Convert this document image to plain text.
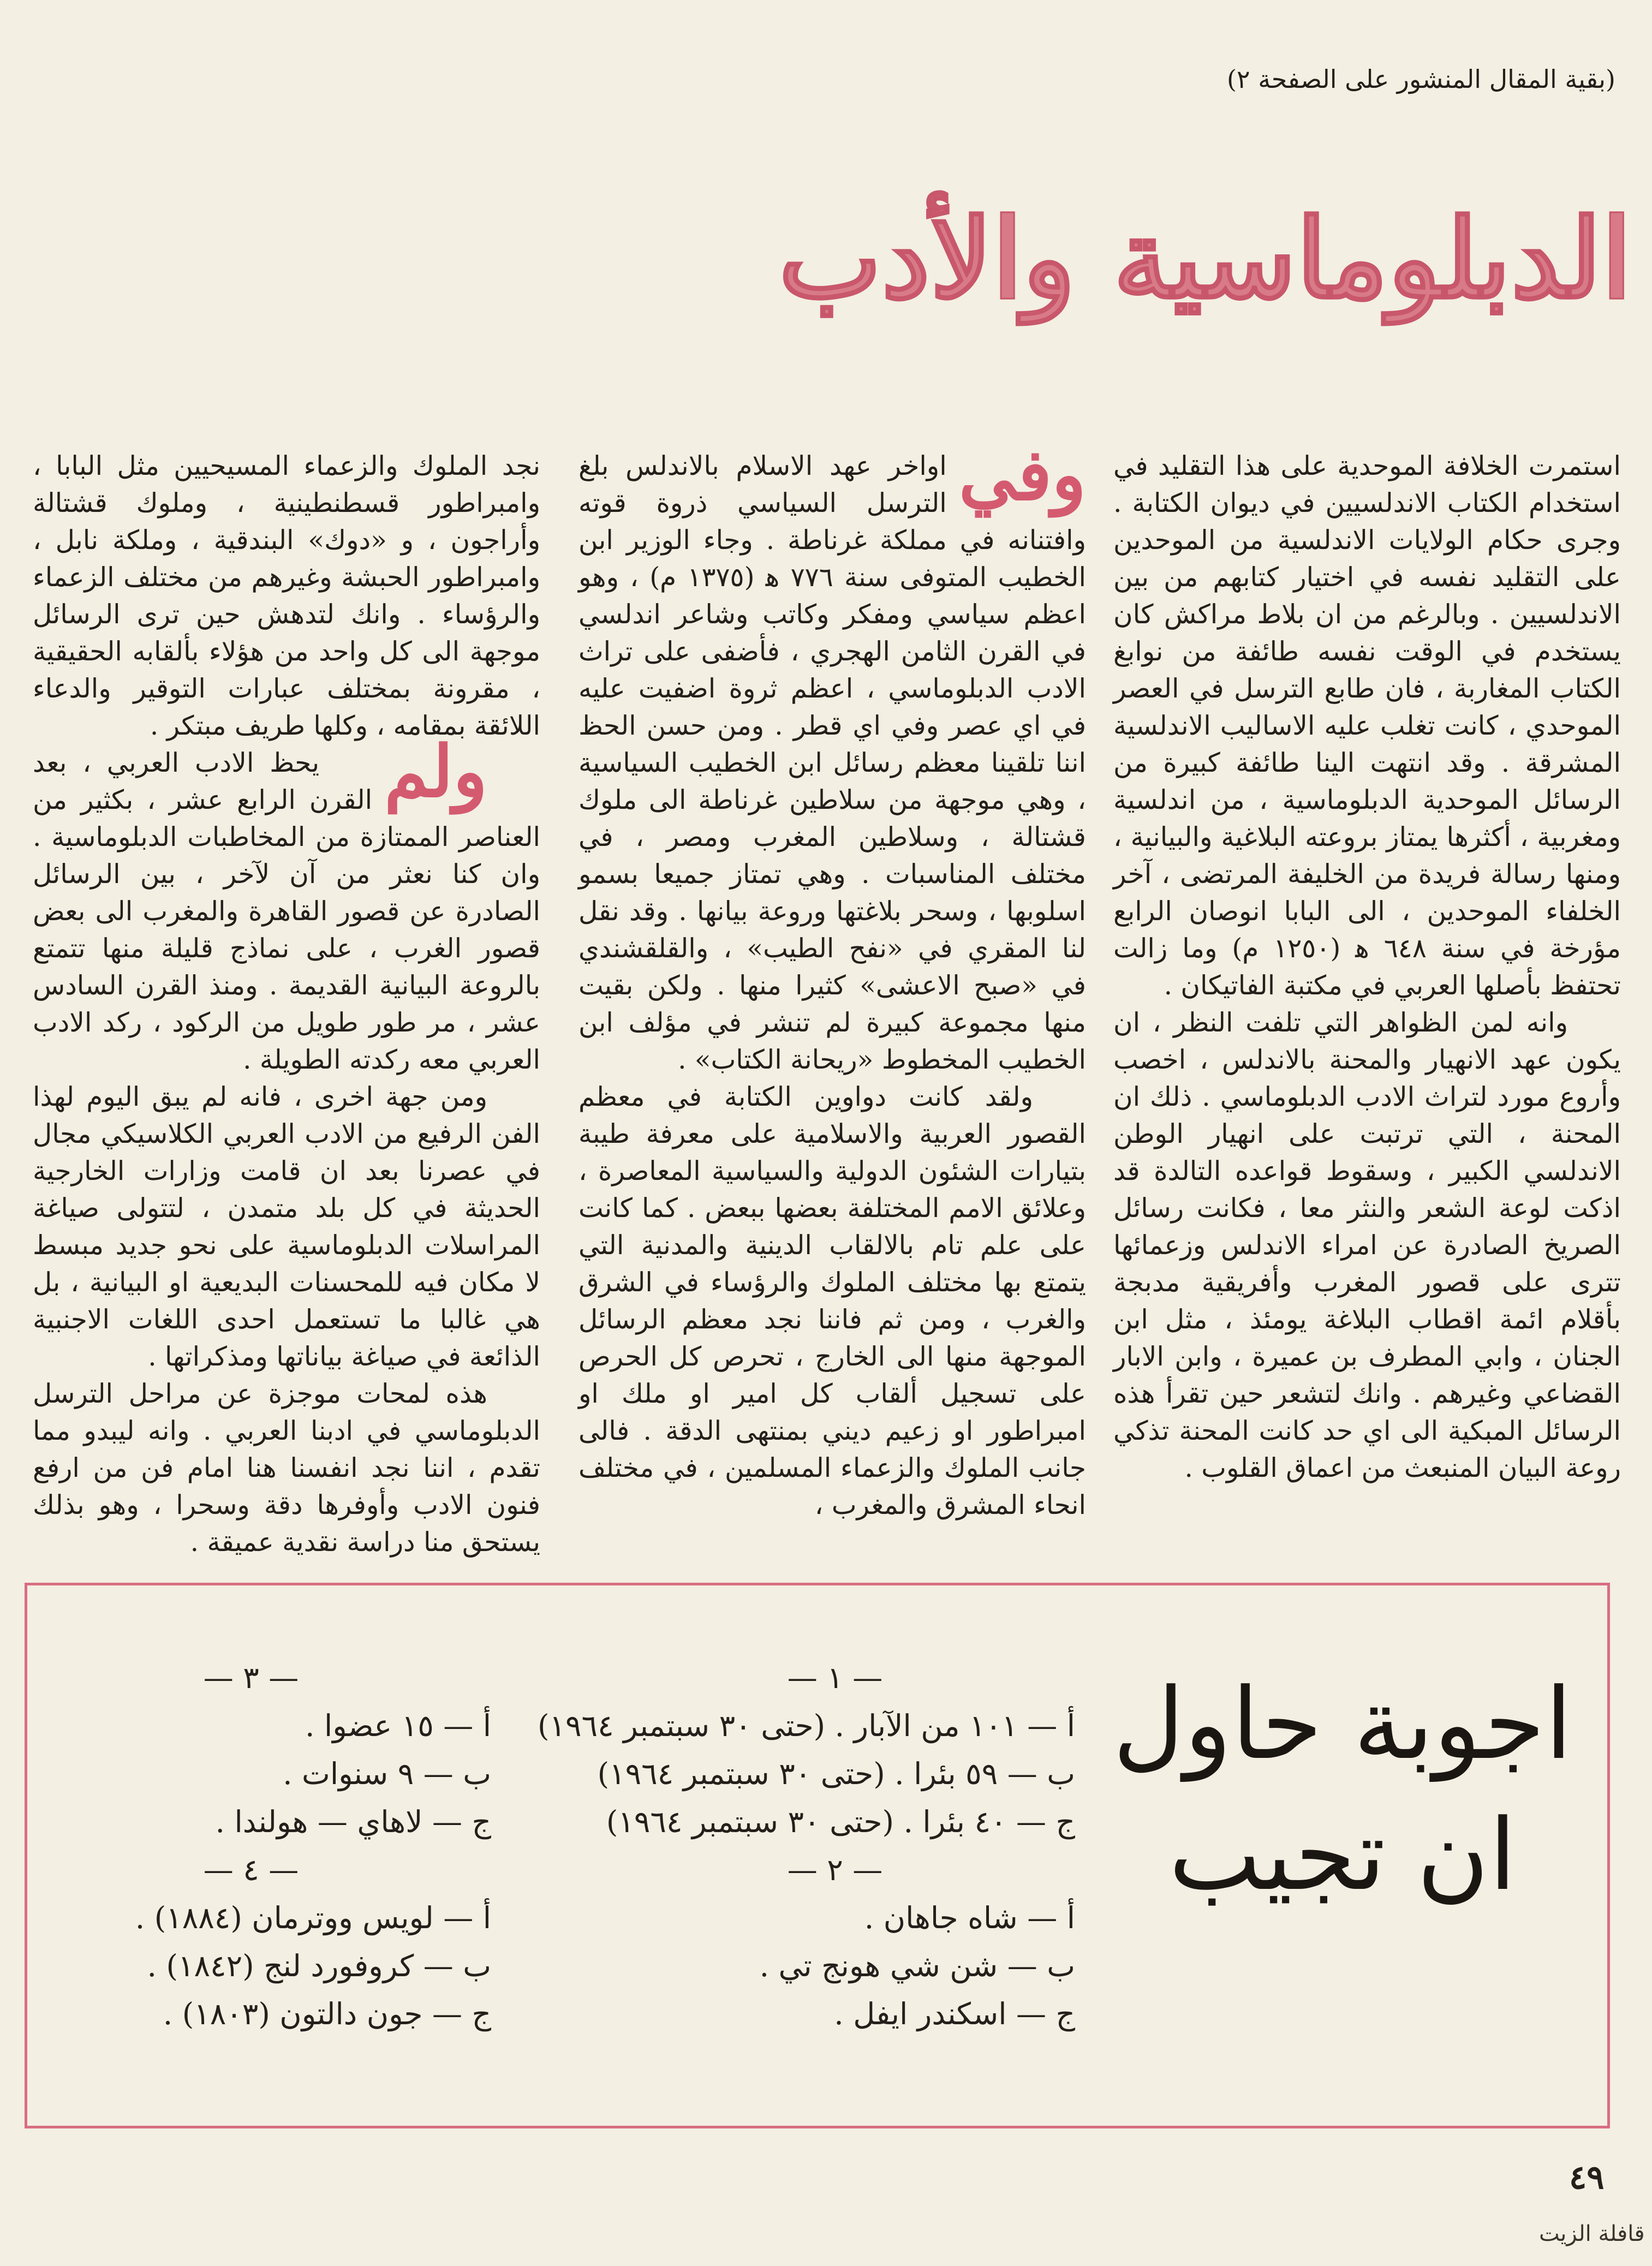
(بقية المقال المنشور على الصفحة ٢)
الدبلوماسية والأدب

استمرت الخلافة الموحدية على هذا التقليد في استخدام الكتاب الاندلسيين في ديوان الكتابة . وجرى حكام الولايات الاندلسية من الموحدين على التقليد نفسه في اختيار كتابهم من بين الاندلسيين . وبالرغم من ان بلاط مراكش كان يستخدم في الوقت نفسه طائفة من نوابغ الكتاب المغاربة ، فان طابع الترسل في العصر الموحدي ، كانت تغلب عليه الاساليب الاندلسية المشرقة . وقد انتهت الينا طائفة كبيرة من الرسائل الموحدية الدبلوماسية ، من اندلسية ومغربية ، أكثرها يمتاز بروعته البلاغية والبيانية ، ومنها رسالة فريدة من الخليفة المرتضى ، آخر الخلفاء الموحدين ، الى البابا انوصان الرابع مؤرخة في سنة ٦٤٨ ﻫ (١٢٥٠ م) وما زالت تحتفظ بأصلها العربي في مكتبة الفاتيكان .

وانه لمن الظواهر التي تلفت النظر ، ان يكون عهد الانهيار والمحنة بالاندلس ، اخصب وأروع مورد لتراث الادب الدبلوماسي . ذلك ان المحنة ، التي ترتبت على انهيار الوطن الاندلسي الكبير ، وسقوط قواعده التالدة قد اذكت لوعة الشعر والنثر معا ، فكانت رسائل الصريخ الصادرة عن امراء الاندلس وزعمائها تترى على قصور المغرب وأفريقية مدبجة بأقلام ائمة اقطاب البلاغة يومئذ ، مثل ابن الجنان ، وابي المطرف بن عميرة ، وابن الابار القضاعي وغيرهم . وانك لتشعر حين تقرأ هذه الرسائل المبكية الى اي حد كانت المحنة تذكي روعة البيان المنبعث من اعماق القلوب .

وفي
اواخر عهد الاسلام بالاندلس بلغ الترسل السياسي ذروة قوته وافتنانه في مملكة غرناطة . وجاء الوزير ابن الخطيب المتوفى سنة ٧٧٦ ﻫ (١٣٧٥ م) ، وهو اعظم سياسي ومفكر وكاتب وشاعر اندلسي في القرن الثامن الهجري ، فأضفى على تراث الادب الدبلوماسي ، اعظم ثروة اضفيت عليه في اي عصر وفي اي قطر . ومن حسن الحظ اننا تلقينا معظم رسائل ابن الخطيب السياسية ، وهي موجهة من سلاطين غرناطة الى ملوك قشتالة ، وسلاطين المغرب ومصر ، في مختلف المناسبات . وهي تمتاز جميعا بسمو اسلوبها ، وسحر بلاغتها وروعة بيانها . وقد نقل لنا المقري في «نفح الطيب» ، والقلقشندي في «صبح الاعشى» كثيرا منها . ولكن بقيت منها مجموعة كبيرة لم تنشر في مؤلف ابن الخطيب المخطوط «ريحانة الكتاب» .

ولقد كانت دواوين الكتابة في معظم القصور العربية والاسلامية على معرفة طيبة بتيارات الشئون الدولية والسياسية المعاصرة ، وعلائق الامم المختلفة بعضها ببعض . كما كانت على علم تام بالالقاب الدينية والمدنية التي يتمتع بها مختلف الملوك والرؤساء في الشرق والغرب ، ومن ثم فاننا نجد معظم الرسائل الموجهة منها الى الخارج ، تحرص كل الحرص على تسجيل ألقاب كل امير او ملك او امبراطور او زعيم ديني بمنتهى الدقة . فالى جانب الملوك والزعماء المسلمين ، في مختلف انحاء المشرق والمغرب ،

نجد الملوك والزعماء المسيحيين مثل البابا ، وامبراطور قسطنطينية ، وملوك قشتالة وأراجون ، و «دوك» البندقية ، وملكة نابل ، وامبراطور الحبشة وغيرهم من مختلف الزعماء والرؤساء . وانك لتدهش حين ترى الرسائل موجهة الى كل واحد من هؤلاء بألقابه الحقيقية ، مقرونة بمختلف عبارات التوقير والدعاء اللائقة بمقامه ، وكلها طريف مبتكر .

ولم
يحظ الادب العربي ، بعد القرن الرابع عشر ، بكثير من العناصر الممتازة من المخاطبات الدبلوماسية . وان كنا نعثر من آن لآخر ، بين الرسائل الصادرة عن قصور القاهرة والمغرب الى بعض قصور الغرب ، على نماذج قليلة منها تتمتع بالروعة البيانية القديمة . ومنذ القرن السادس عشر ، مر طور طويل من الركود ، ركد الادب العربي معه ركدته الطويلة .

ومن جهة اخرى ، فانه لم يبق اليوم لهذا الفن الرفيع من الادب العربي الكلاسيكي مجال في عصرنا بعد ان قامت وزارات الخارجية الحديثة في كل بلد متمدن ، لتتولى صياغة المراسلات الدبلوماسية على نحو جديد مبسط لا مكان فيه للمحسنات البديعية او البيانية ، بل هي غالبا ما تستعمل احدى اللغات الاجنبية الذائعة في صياغة بياناتها ومذكراتها .

هذه لمحات موجزة عن مراحل الترسل الدبلوماسي في ادبنا العربي . وانه ليبدو مما تقدم ، اننا نجد انفسنا هنا امام فن من ارفع فنون الادب وأوفرها دقة وسحرا ، وهو بذلك يستحق منا دراسة نقدية عميقة .

اجوبة حاول
ان تجيب
— ١ —
أ — ١٠١ من الآبار . (حتى ٣٠ سبتمبر ١٩٦٤)
ب — ٥٩ بئرا . (حتى ٣٠ سبتمبر ١٩٦٤)
ج — ٤٠ بئرا . (حتى ٣٠ سبتمبر ١٩٦٤)
— ٢ —
أ — شاه جاهان .
ب — شن شي هونج تي .
ج — اسكندر ايفل .
— ٣ —
أ — ١٥ عضوا .
ب — ٩ سنوات .
ج — لاهاي — هولندا .
— ٤ —
أ — لويس ووترمان (١٨٨٤) .
ب — كروفورد لنج (١٨٤٢) .
ج — جون دالتون (١٨٠٣) .
٤٩
قافلة الزيت
